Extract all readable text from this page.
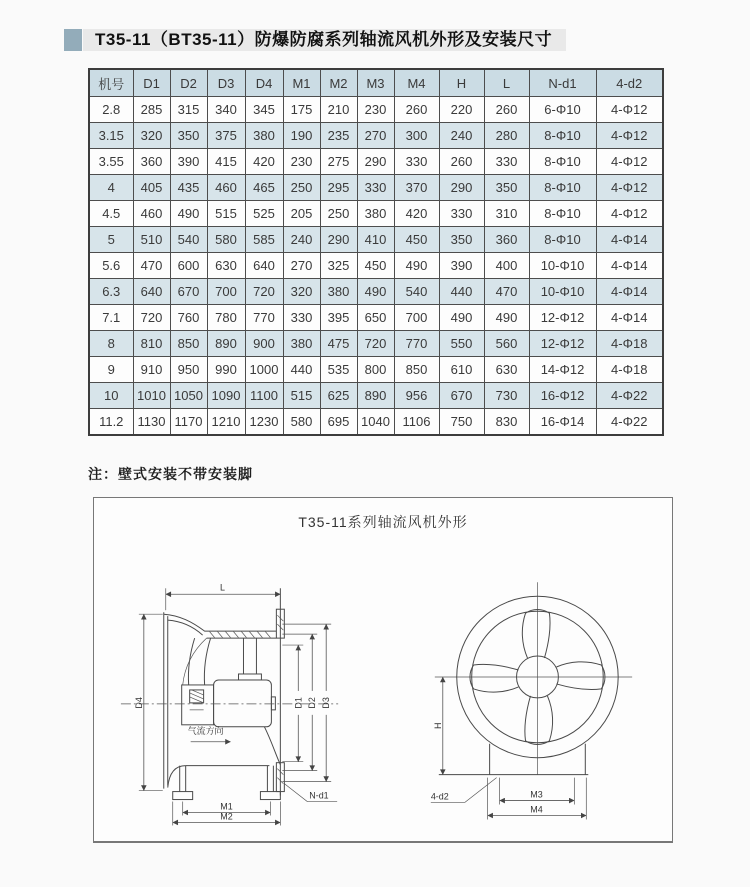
T35-11（BT35-11）防爆防腐系列轴流风机外形及安装尺寸
机号	D1	D2	D3	D4	M1	M2	M3	M4	H	L	N-d1	4-d2
2.8	285	315	340	345	175	210	230	260	220	260	6-Φ10	4-Φ12
3.15	320	350	375	380	190	235	270	300	240	280	8-Φ10	4-Φ12
3.55	360	390	415	420	230	275	290	330	260	330	8-Φ10	4-Φ12
4	405	435	460	465	250	295	330	370	290	350	8-Φ10	4-Φ12
4.5	460	490	515	525	205	250	380	420	330	310	8-Φ10	4-Φ12
5	510	540	580	585	240	290	410	450	350	360	8-Φ10	4-Φ14
5.6	470	600	630	640	270	325	450	490	390	400	10-Φ10	4-Φ14
6.3	640	670	700	720	320	380	490	540	440	470	10-Φ10	4-Φ14
7.1	720	760	780	770	330	395	650	700	490	490	12-Φ12	4-Φ14
8	810	850	890	900	380	475	720	770	550	560	12-Φ12	4-Φ18
9	910	950	990	1000	440	535	800	850	610	630	14-Φ12	4-Φ18
10	1010	1050	1090	1100	515	625	890	956	670	730	16-Φ12	4-Φ22
11.2	1130	1170	1210	1230	580	695	1040	1106	750	830	16-Φ14	4-Φ22
注：壁式安装不带安装脚
T35-11系列轴流风机外形
气流方向
L
D4	D1 D2 D3
M1
M2
N-d1
H
M3
M4
4-d2
